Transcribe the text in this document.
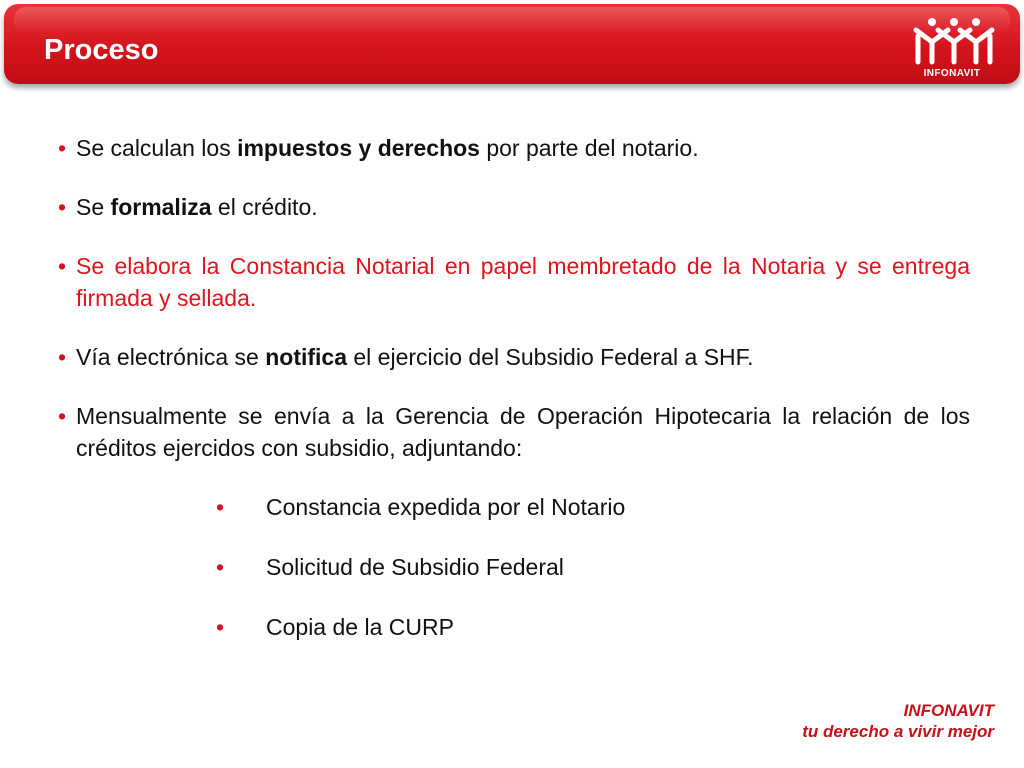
Proceso
INFONAVIT
• Se calculan los impuestos y derechos por parte del notario.
• Se formaliza el crédito.
• Se elabora la Constancia Notarial en papel membretado de la Notaria y se entrega firmada y sellada.
• Vía electrónica se notifica el ejercicio del Subsidio Federal a SHF.
• Mensualmente se envía a la Gerencia de Operación Hipotecaria la relación de los créditos ejercidos con subsidio, adjuntando:
• Constancia expedida por el Notario
• Solicitud de Subsidio Federal
• Copia de la CURP
INFONAVIT
tu derecho a vivir mejor
